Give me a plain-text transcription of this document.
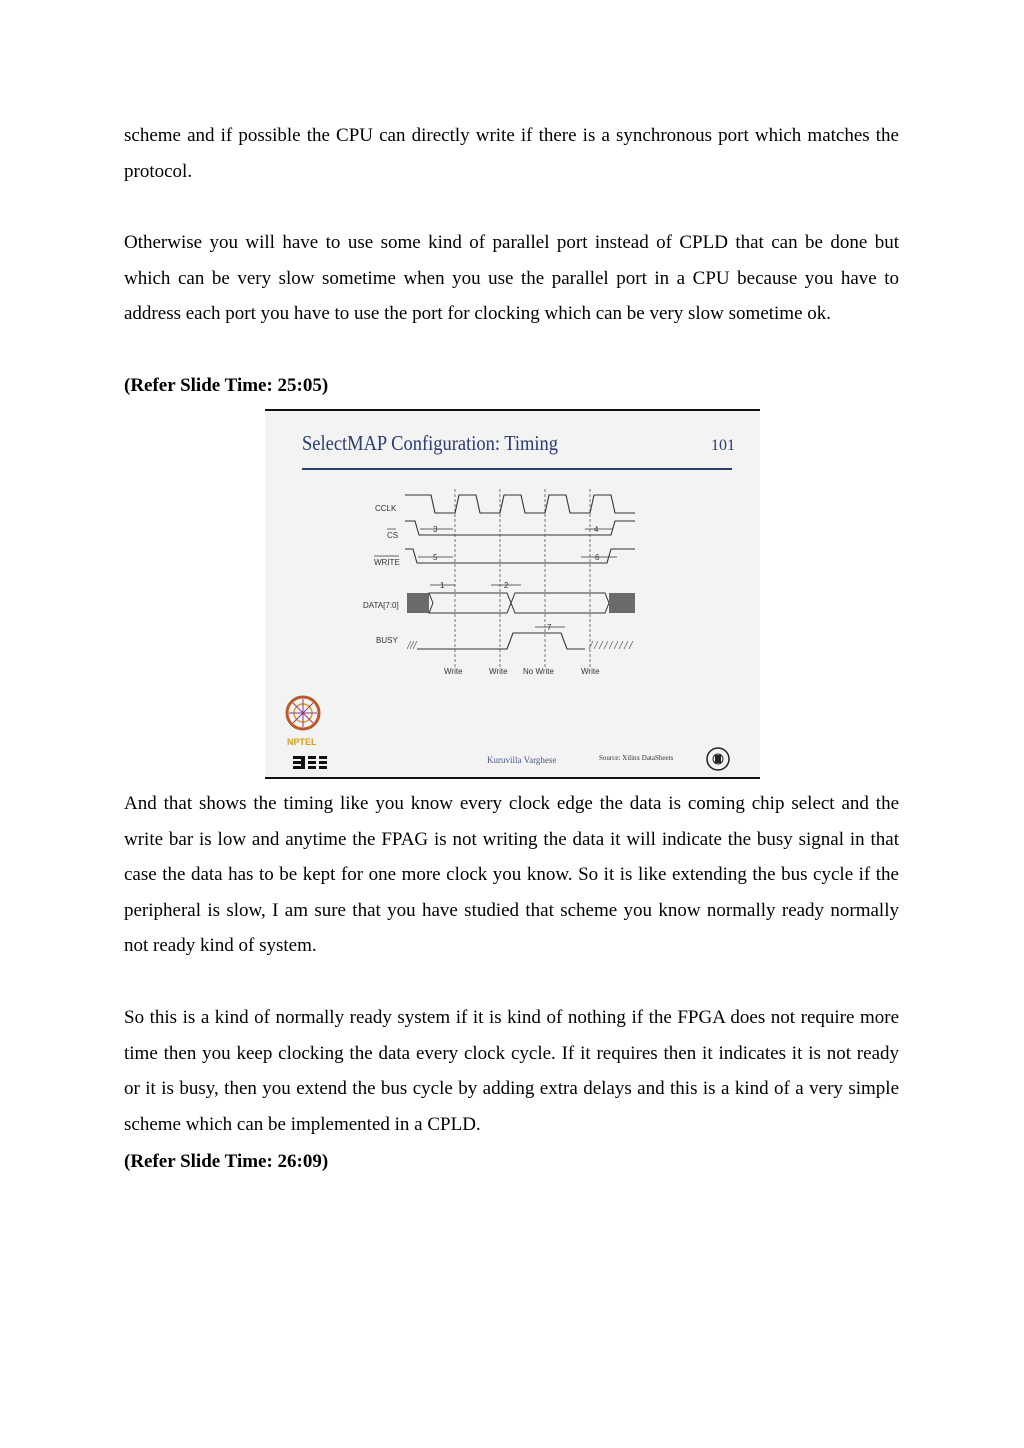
scheme and if possible the CPU can directly write if there is a synchronous port which matches the protocol.

Otherwise you will have to use some kind of parallel port instead of CPLD that can be done but which can be very slow sometime when you use the parallel port in a CPU because you have to address each port you have to use the port for clocking which can be very slow sometime ok.

(Refer Slide Time: 25:05)

SelectMAP Configuration: Timing	101
CCLK
CS
WRITE
DATA[7:0]
BUSY
3	4
5	6
1	2
7
Write	Write No Write	Write
NPTEL
Kuruvilla Varghese	Source: Xilinx DataSheets

And that shows the timing like you know every clock edge the data is coming chip select and the write bar is low and anytime the FPAG is not writing the data it will indicate the busy signal in that case the data has to be kept for one more clock you know. So it is like extending the bus cycle if the peripheral is slow, I am sure that you have studied that scheme you know normally ready normally not ready kind of system.

So this is a kind of normally ready system if it is kind of nothing if the FPGA does not require more time then you keep clocking the data every clock cycle. If it requires then it indicates it is not ready or it is busy, then you extend the bus cycle by adding extra delays and this is a kind of a very simple scheme which can be implemented in a CPLD.

(Refer Slide Time: 26:09)
